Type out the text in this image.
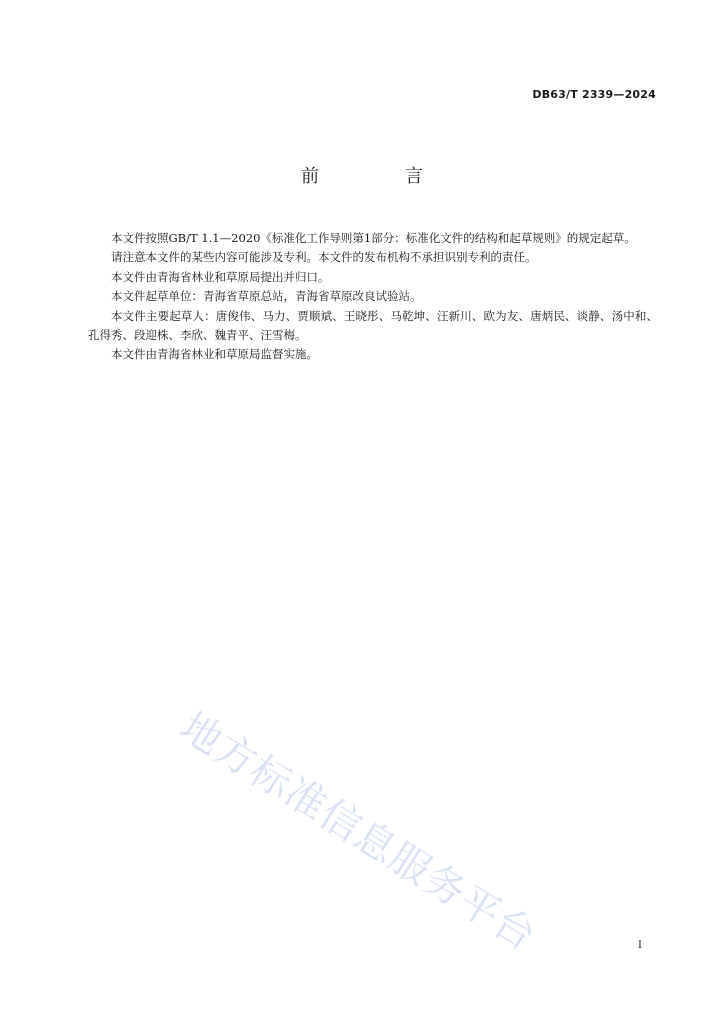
DB63/T 2339—2024
前 言

本文件按照GB/T 1.1—2020《标准化工作导则第1部分：标准化文件的结构和起草规则》的规定起草。

请注意本文件的某些内容可能涉及专利。本文件的发布机构不承担识别专利的责任。

本文件由青海省林业和草原局提出并归口。

本文件起草单位：青海省草原总站，青海省草原改良试验站。

本文件主要起草人：唐俊伟、马力、贾顺斌、王晓彤、马乾坤、汪新川、欧为友、唐炳民、谈静、汤中和、孔得秀、段迎株、李欣、魏青平、汪雪梅。

本文件由青海省林业和草原局监督实施。

地方标准信息服务平台	I
